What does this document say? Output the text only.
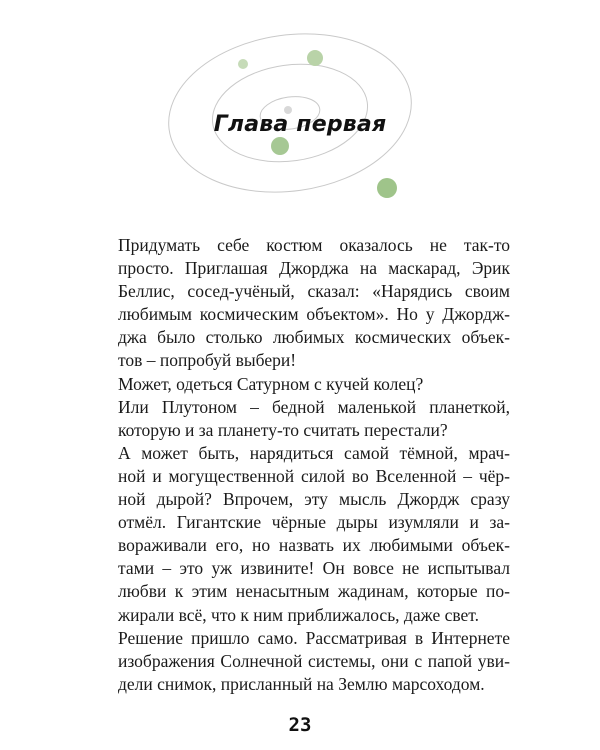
Глава первая
Придумать себе костюм оказалось не так-то
просто. Приглашая Джорджа на маскарад, Эрик
Беллис, сосед-учёный, сказал: «Нарядись своим
любимым космическим объектом». Но у Джордж-
джа было столько любимых космических объек-
тов – попробуй выбери!
Может, одеться Сатурном с кучей колец?
Или Плутоном – бедной маленькой планеткой,
которую и за планету-то считать перестали?
А может быть, нарядиться самой тёмной, мрач-
ной и могущественной силой во Вселенной – чёр-
ной дырой? Впрочем, эту мысль Джордж сразу
отмёл. Гигантские чёрные дыры изумляли и за-
вораживали его, но назвать их любимыми объек-
тами – это уж извините! Он вовсе не испытывал
любви к этим ненасытным жадинам, которые по-
жирали всё, что к ним приближалось, даже свет.
Решение пришло само. Рассматривая в Интернете
изображения Солнечной системы, они с папой уви-
дели снимок, присланный на Землю марсоходом.
23
